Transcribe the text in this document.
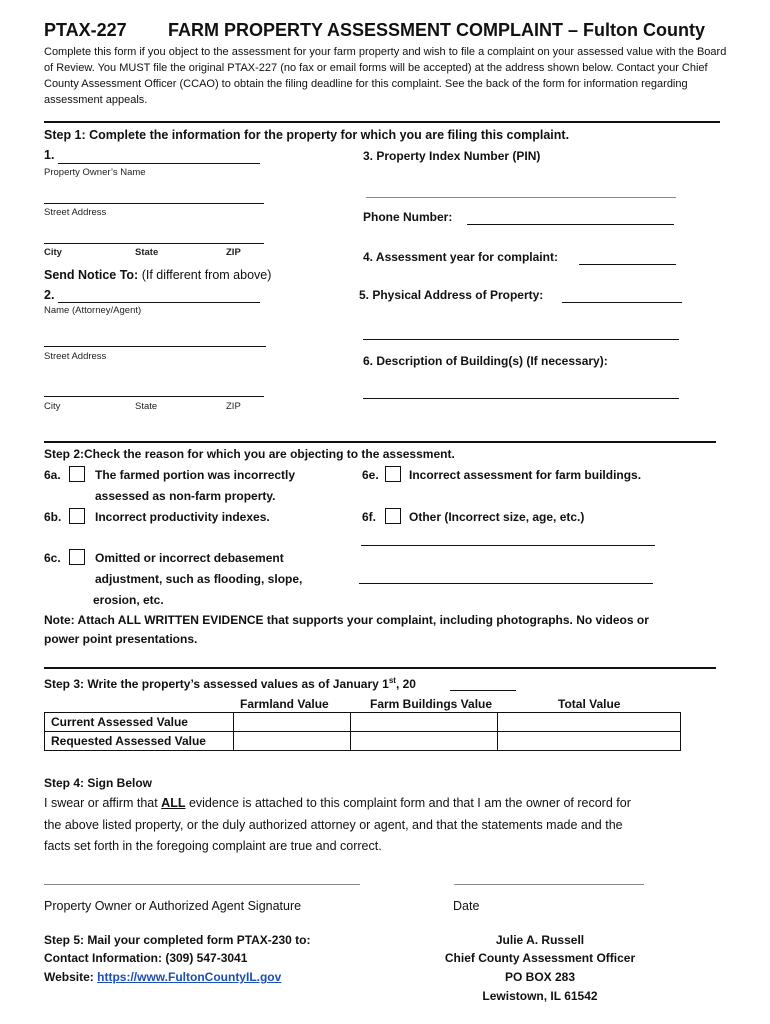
PTAX-227 FARM PROPERTY ASSESSMENT COMPLAINT – Fulton County
Complete this form if you object to the assessment for your farm property and wish to file a complaint on your assessed value with the Board of Review. You MUST file the original PTAX-227 (no fax or email forms will be accepted) at the address shown below. Contact your Chief County Assessment Officer (CCAO) to obtain the filing deadline for this complaint. See the back of the form for information regarding assessment appeals.
Step 1: Complete the information for the property for which you are filing this complaint.
1.
Property Owner’s Name
Street Address
City	State	ZIP
Send Notice To: (If different from above)
2.
Name (Attorney/Agent)
Street Address
City	State	ZIP
3. Property Index Number (PIN)
Phone Number:
4. Assessment year for complaint:
5. Physical Address of Property:
6. Description of Building(s) (If necessary):
Step 2:Check the reason for which you are objecting to the assessment.
6a.	The farmed portion was incorrectly
assessed as non-farm property.
6b.	Incorrect productivity indexes.
6c.	Omitted or incorrect debasement
adjustment, such as flooding, slope,
erosion, etc.
6e.	Incorrect assessment for farm buildings.
6f.	Other (Incorrect size, age, etc.)
Note: Attach ALL WRITTEN EVIDENCE that supports your complaint, including photographs. No videos or
power point presentations.
Step 3: Write the property’s assessed values as of January 1st, 20
Farmland Value	Farm Buildings Value	Total Value
Current Assessed Value			
Requested Assessed Value			
Step 4: Sign Below
I swear or affirm that ALL evidence is attached to this complaint form and that I am the owner of record for
the above listed property, or the duly authorized attorney or agent, and that the statements made and the
facts set forth in the foregoing complaint are true and correct.
Property Owner or Authorized Agent Signature	Date
Step 5: Mail your completed form PTAX-230 to:
Contact Information: (309) 547-3041
Website: https://www.FultonCountyIL.gov
Julie A. Russell
Chief County Assessment Officer
PO BOX 283
Lewistown, IL 61542
